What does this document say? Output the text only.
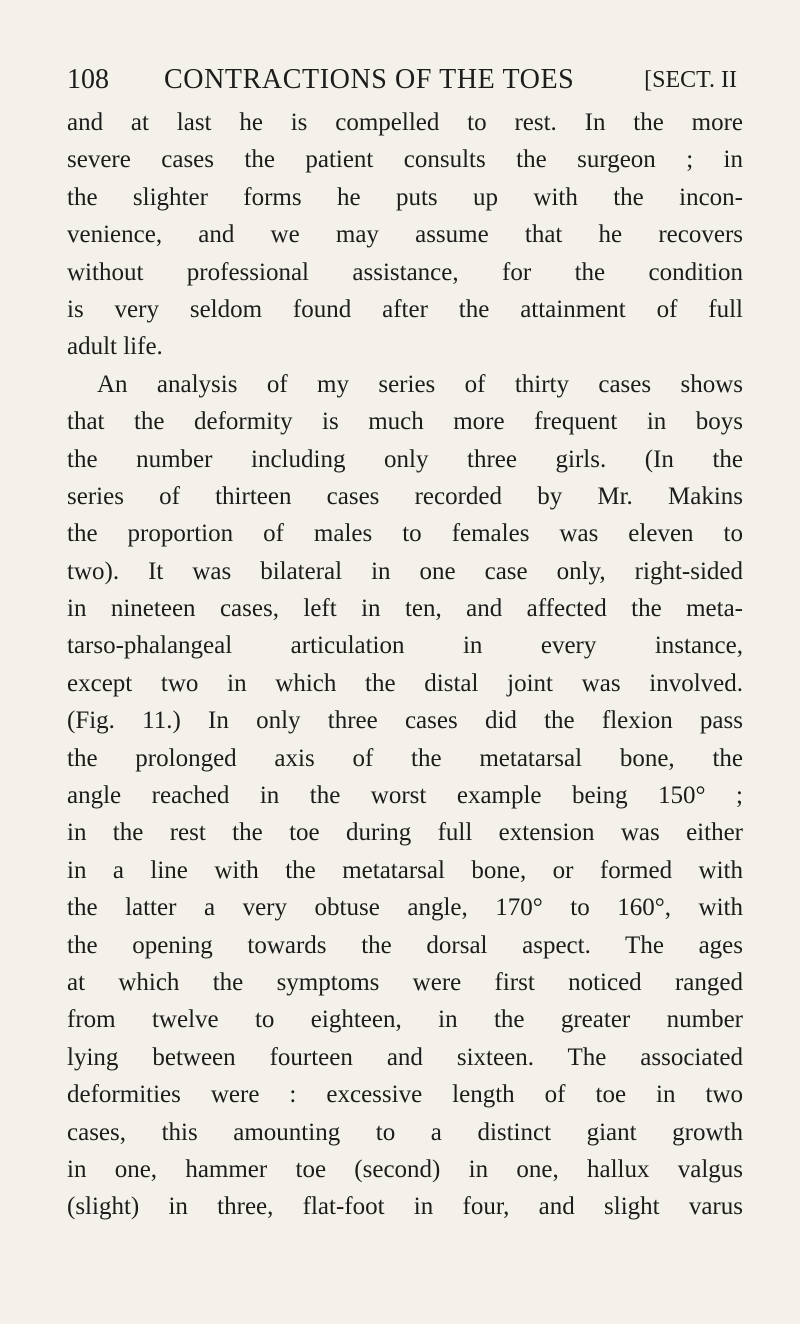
108 CONTRACTIONS OF THE TOES	[SECT. II
and at last he is compelled to rest. In the more
severe cases the patient consults the surgeon ; in
the slighter forms he puts up with the incon-
venience, and we may assume that he recovers
without professional assistance, for the condition
is very seldom found after the attainment of full
adult life.
An analysis of my series of thirty cases shows
that the deformity is much more frequent in boys
the number including only three girls. (In the
series of thirteen cases recorded by Mr. Makins
the proportion of males to females was eleven to
two). It was bilateral in one case only, right-sided
in nineteen cases, left in ten, and affected the meta-
tarso-phalangeal articulation in every instance,
except two in which the distal joint was involved.
(Fig. 11.) In only three cases did the flexion pass
the prolonged axis of the metatarsal bone, the
angle reached in the worst example being 150° ;
in the rest the toe during full extension was either
in a line with the metatarsal bone, or formed with
the latter a very obtuse angle, 170° to 160°, with
the opening towards the dorsal aspect. The ages
at which the symptoms were first noticed ranged
from twelve to eighteen, in the greater number
lying between fourteen and sixteen. The associated
deformities were : excessive length of toe in two
cases, this amounting to a distinct giant growth
in one, hammer toe (second) in one, hallux valgus
(slight) in three, flat-foot in four, and slight varus
